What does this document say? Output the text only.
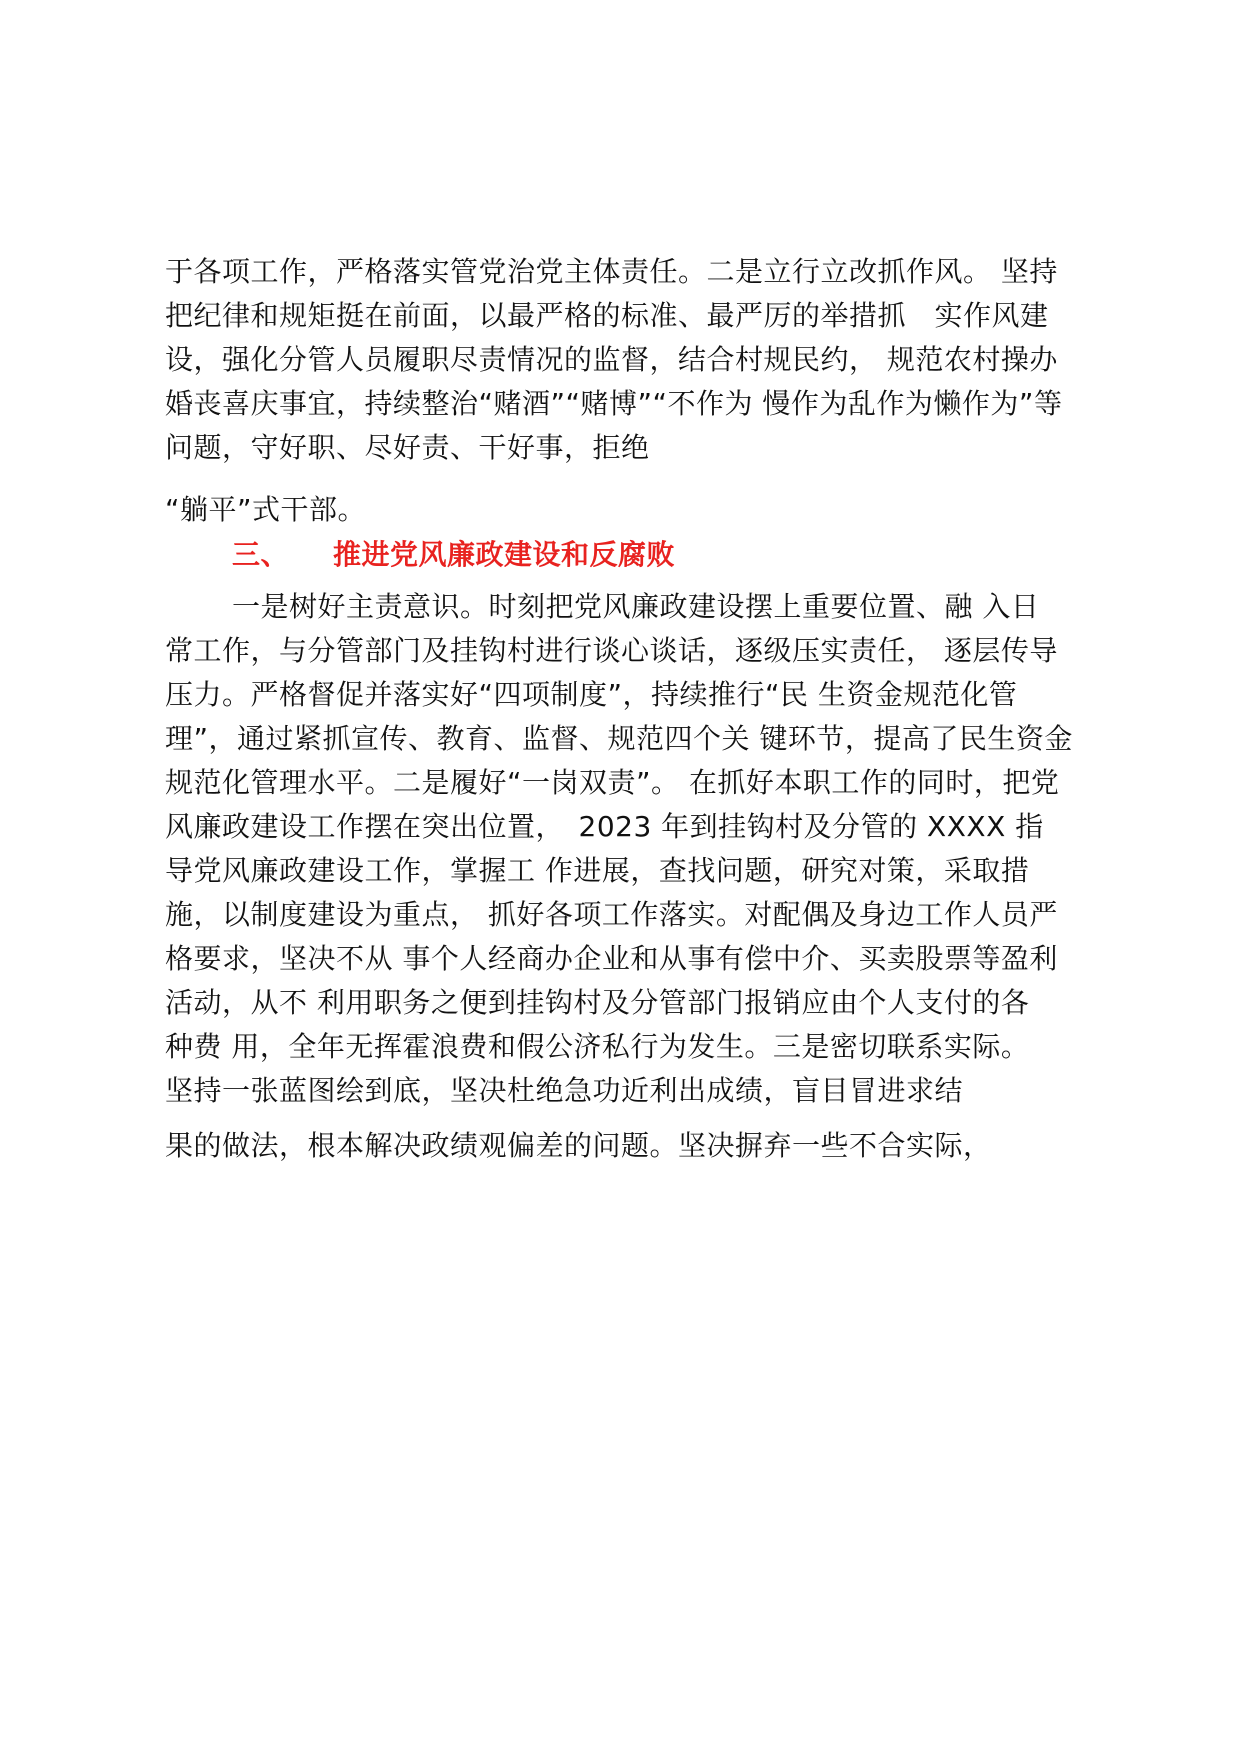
于各项工作，严格落实管党治党主体责任。二是立行立改抓作风。 坚持
把纪律和规矩挺在前面，以最严格的标准、最严厉的举措抓　实作风建
设，强化分管人员履职尽责情况的监督，结合村规民约， 规范农村操办
婚丧喜庆事宜，持续整治“赌酒”“赌博”“不作为 慢作为乱作为懒作为”等
问题，守好职、尽好责、干好事，拒绝
“躺平”式干部。
三、 推进党风廉政建设和反腐败
一是树好主责意识。时刻把党风廉政建设摆上重要位置、融 入日
常工作，与分管部门及挂钩村进行谈心谈话，逐级压实责任， 逐层传导
压力。严格督促并落实好“四项制度”，持续推行“民 生资金规范化管
理”，通过紧抓宣传、教育、监督、规范四个关 键环节，提高了民生资金
规范化管理水平。二是履好“一岗双责”。 在抓好本职工作的同时，把党
风廉政建设工作摆在突出位置，　2023 年到挂钩村及分管的 XXXX 指
导党风廉政建设工作，掌握工 作进展，查找问题，研究对策，采取措
施，以制度建设为重点， 抓好各项工作落实。对配偶及身边工作人员严
格要求，坚决不从 事个人经商办企业和从事有偿中介、买卖股票等盈利
活动，从不 利用职务之便到挂钩村及分管部门报销应由个人支付的各
种费 用，全年无挥霍浪费和假公济私行为发生。三是密切联系实际。
坚持一张蓝图绘到底，坚决杜绝急功近利出成绩，盲目冒进求结
果的做法，根本解决政绩观偏差的问题。坚决摒弃一些不合实际，
